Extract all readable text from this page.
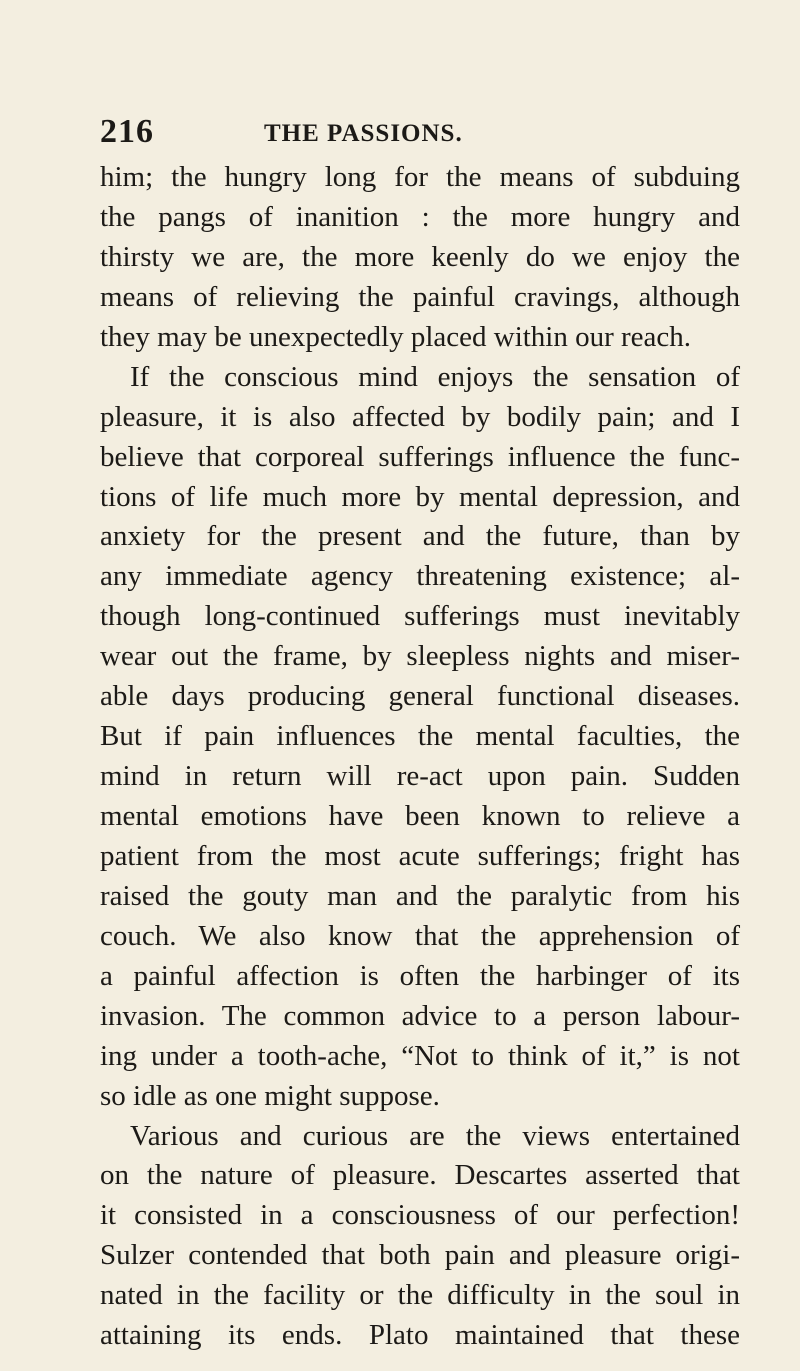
216	THE PASSIONS.
him; the hungry long for the means of subduing
the pangs of inanition : the more hungry and
thirsty we are, the more keenly do we enjoy the
means of relieving the painful cravings, although
they may be unexpectedly placed within our reach.
If the conscious mind enjoys the sensation of
pleasure, it is also affected by bodily pain; and I
believe that corporeal sufferings influence the func-
tions of life much more by mental depression, and
anxiety for the present and the future, than by
any immediate agency threatening existence; al-
though long-continued sufferings must inevitably
wear out the frame, by sleepless nights and miser-
able days producing general functional diseases.
But if pain influences the mental faculties, the
mind in return will re-act upon pain. Sudden
mental emotions have been known to relieve a
patient from the most acute sufferings; fright has
raised the gouty man and the paralytic from his
couch. We also know that the apprehension of
a painful affection is often the harbinger of its
invasion. The common advice to a person labour-
ing under a tooth-ache, “Not to think of it,” is not
so idle as one might suppose.
Various and curious are the views entertained
on the nature of pleasure. Descartes asserted that
it consisted in a consciousness of our perfection!
Sulzer contended that both pain and pleasure origi-
nated in the facility or the difficulty in the soul in
attaining its ends. Plato maintained that these
